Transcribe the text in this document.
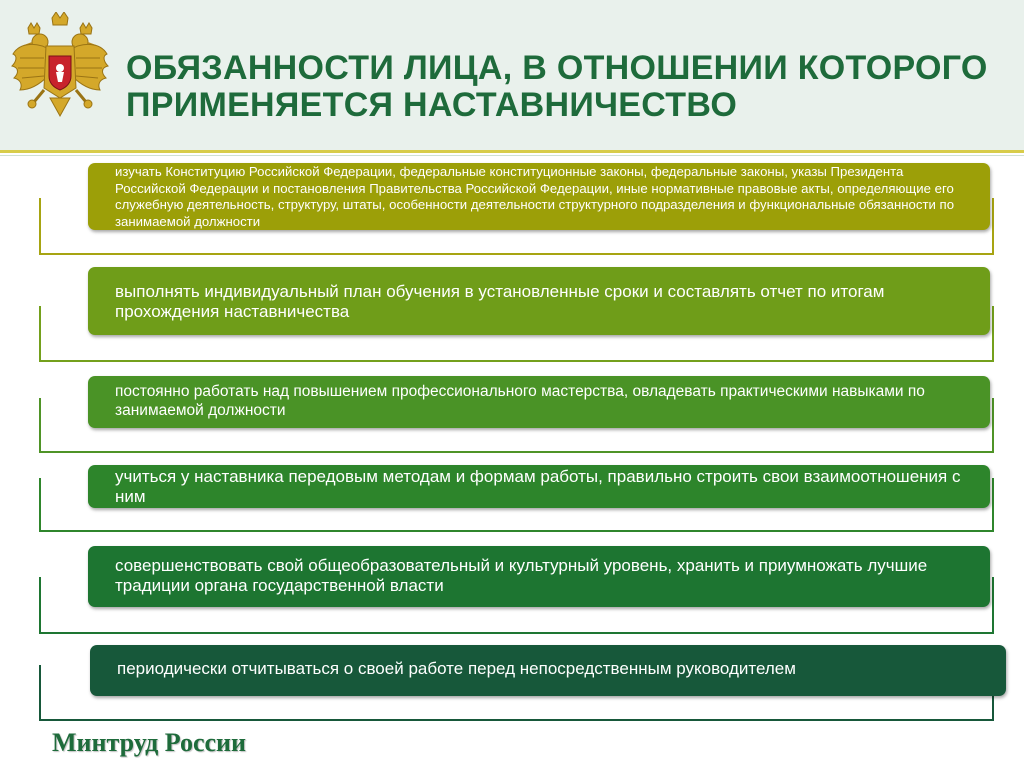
ОБЯЗАННОСТИ ЛИЦА, В ОТНОШЕНИИ КОТОРОГО
ПРИМЕНЯЕТСЯ НАСТАВНИЧЕСТВО
изучать Конституцию Российской Федерации, федеральные конституционные законы, федеральные законы, указы Президента Российской Федерации и постановления Правительства Российской Федерации, иные нормативные правовые акты, определяющие его служебную деятельность, структуру, штаты, особенности деятельности структурного подразделения и функциональные обязанности по занимаемой должности
выполнять индивидуальный план обучения в установленные сроки и составлять отчет по итогам прохождения наставничества
постоянно работать над повышением профессионального мастерства, овладевать практическими навыками по занимаемой должности
учиться у наставника передовым методам и формам работы, правильно строить свои взаимоотношения с ним
совершенствовать свой общеобразовательный и культурный уровень, хранить и приумножать лучшие традиции органа государственной власти
периодически отчитываться о своей работе перед непосредственным руководителем
Минтруд России
